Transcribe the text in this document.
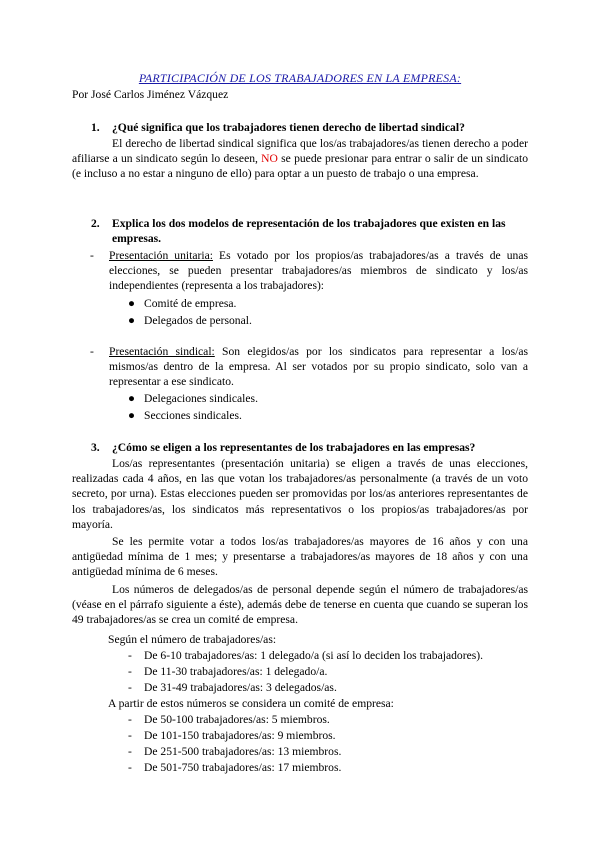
PARTICIPACIÓN DE LOS TRABAJADORES EN LA EMPRESA:
Por José Carlos Jiménez Vázquez
1. ¿Qué significa que los trabajadores tienen derecho de libertad sindical?
El derecho de libertad sindical significa que los/as trabajadores/as tienen derecho a poder afiliarse a un sindicato según lo deseen, NO se puede presionar para entrar o salir de un sindicato (e incluso a no estar a ninguno de ello) para optar a un puesto de trabajo o una empresa.
2. Explica los dos modelos de representación de los trabajadores que existen en las empresas.
- Presentación unitaria: Es votado por los propios/as trabajadores/as a través de unas elecciones, se pueden presentar trabajadores/as miembros de sindicato y los/as independientes (representa a los trabajadores):
● Comité de empresa.
● Delegados de personal.
- Presentación sindical: Son elegidos/as por los sindicatos para representar a los/as mismos/as dentro de la empresa. Al ser votados por su propio sindicato, solo van a representar a ese sindicato.
● Delegaciones sindicales.
● Secciones sindicales.
3. ¿Cómo se eligen a los representantes de los trabajadores en las empresas?
Los/as representantes (presentación unitaria) se eligen a través de unas elecciones, realizadas cada 4 años, en las que votan los trabajadores/as personalmente (a través de un voto secreto, por urna). Estas elecciones pueden ser promovidas por los/as anteriores representantes de los trabajadores/as, los sindicatos más representativos o los propios/as trabajadores/as por mayoría.
Se les permite votar a todos los/as trabajadores/as mayores de 16 años y con una antigüedad mínima de 1 mes; y presentarse a trabajadores/as mayores de 18 años y con una antigüedad mínima de 6 meses.
Los números de delegados/as de personal depende según el número de trabajadores/as (véase en el párrafo siguiente a éste), además debe de tenerse en cuenta que cuando se superan los 49 trabajadores/as se crea un comité de empresa.
Según el número de trabajadores/as:
- De 6-10 trabajadores/as: 1 delegado/a (si así lo deciden los trabajadores).
- De 11-30 trabajadores/as: 1 delegado/a.
- De 31-49 trabajadores/as: 3 delegados/as.
A partir de estos números se considera un comité de empresa:
- De 50-100 trabajadores/as: 5 miembros.
- De 101-150 trabajadores/as: 9 miembros.
- De 251-500 trabajadores/as: 13 miembros.
- De 501-750 trabajadores/as: 17 miembros.
